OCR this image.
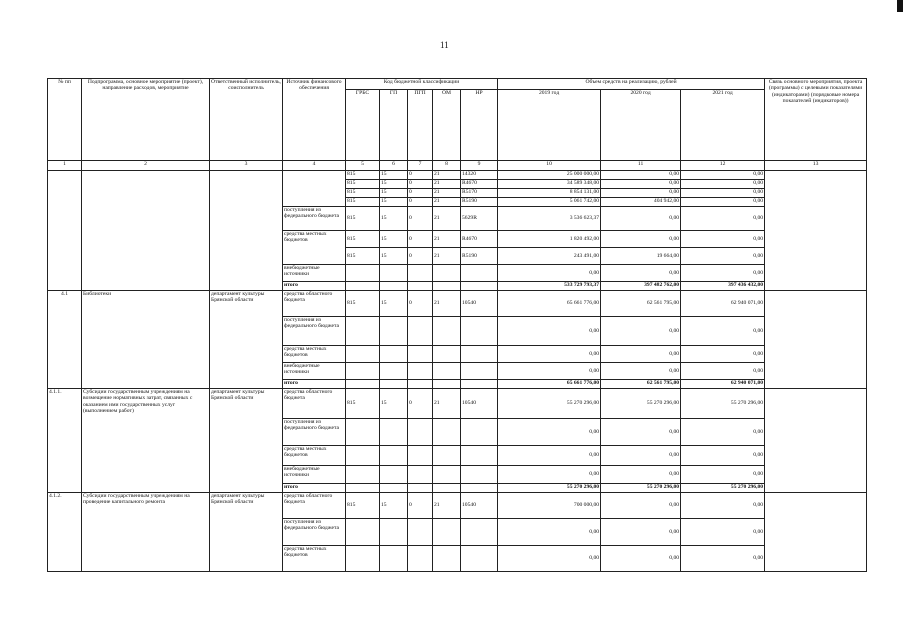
11
№ пп	Подпрограмма, основное мероприятие (проект), направление расходов, мероприятие	Ответственный исполнитель, соисполнитель	Источник финансового обеспечения	Код бюджетной классификации					Объем средств на реализацию, рублей			Связь основного мероприятия, проекта (программы) с целевыми показателями (индикаторами) (порядковые номера показателей (индикаторов))
				ГРБС	ГП	ПГП	ОМ	НР	2019 год	2020 год	2021 год	
1	2	3	4	5	6	7	8	9	10	11	12	13
				815	15	0	21	14320	25 000 000,00	0,00	0,00	
				815	15	0	21	R4670	34 589 348,00	0,00	0,00	
				815	15	0	21	R5170	8 854 131,00	0,00	0,00	
				815	15	0	21	R5190	5 061 742,00	404 942,00	0,00	
			поступления из федерального бюджета	815	15	0	21	5629R	3 536 623,37	0,00	0,00	
			средства местных бюджетов	815	15	0	21	R4670	1 820 492,00	0,00	0,00	
				815	15	0	21	R5190	243 491,00	19 664,00	0,00	
			внебюджетные источники						0,00	0,00	0,00	
			итого						533 729 793,37	397 482 762,00	397 436 432,00	
4.1	Библиотеки	департамент культуры Брянской области	средства областного бюджета	815	15	0	21	10540	65 661 776,00	62 561 795,00	62 940 071,00	
			поступления из федерального бюджета						0,00	0,00	0,00	
			средства местных бюджетов						0,00	0,00	0,00	
			внебюджетные источники						0,00	0,00	0,00	
			итого						65 661 776,00	62 561 795,00	62 940 071,00	
4.1.1.	Субсидии государственным учреждениям на возмещение нормативных затрат, связанных с оказанием ими государственных услуг (выполнением работ)	департамент культуры Брянской области	средства областного бюджета	815	15	0	21	10540	55 270 296,00	55 270 296,00	55 270 296,00	
			поступления из федерального бюджета						0,00	0,00	0,00	
			средства местных бюджетов						0,00	0,00	0,00	
			внебюджетные источники						0,00	0,00	0,00	
			итого						55 270 296,00	55 270 296,00	55 270 296,00	
4.1.2.	Субсидии государственным учреждениям на проведение капитального ремонта	департамент культуры Брянской области	средства областного бюджета	815	15	0	21	10540	700 000,00	0,00	0,00	
			поступления из федерального бюджета						0,00	0,00	0,00	
			средства местных бюджетов						0,00	0,00	0,00	
